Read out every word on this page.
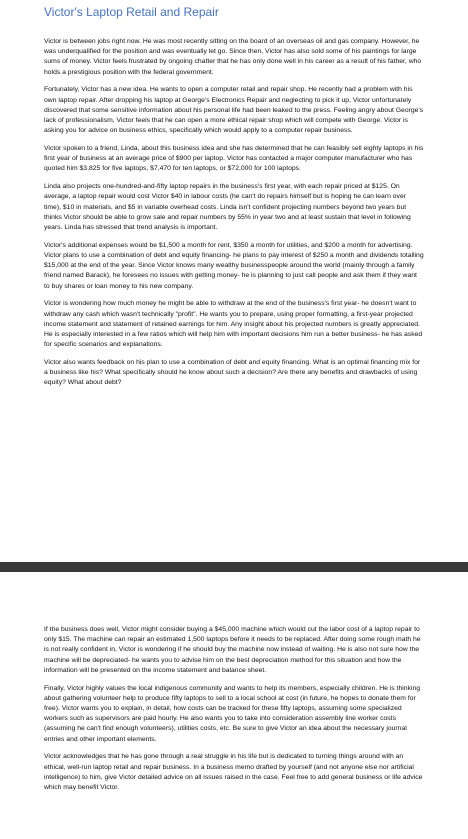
Victor's Laptop Retail and Repair

Victor is between jobs right now. He was most recently sitting on the board of an overseas oil and gas company. However, he was underqualified for the position and was eventually let go. Since then, Victor has also sold some of his paintings for large sums of money. Victor feels frustrated by ongoing chatter that he has only done well in his career as a result of his father, who holds a prestigious position with the federal government.

Fortunately, Victor has a new idea. He wants to open a computer retail and repair shop. He recently had a problem with his own laptop repair. After dropping his laptop at George's Electronics Repair and neglecting to pick it up, Victor unfortunately discovered that some sensitive information about his personal life had been leaked to the press. Feeling angry about George's lack of professionalism, Victor feels that he can open a more ethical repair shop which will compete with George. Victor is asking you for advice on business ethics, specifically which would apply to a computer repair business.

Victor spoken to a friend, Linda, about this business idea and she has determined that he can feasibly sell eighty laptops in his first year of business at an average price of $900 per laptop. Victor has contacted a major computer manufacturer who has quoted him $3,825 for five laptops, $7,470 for ten laptops, or $72,000 for 100 laptops.

Linda also projects one-hundred-and-fifty laptop repairs in the business's first year, with each repair priced at $125. On average, a laptop repair would cost Victor $40 in labour costs (he can't do repairs himself but is hoping he can learn over time), $10 in materials, and $5 in variable overhead costs. Linda isn't confident projecting numbers beyond two years but thinks Victor should be able to grow sale and repair numbers by 55% in year two and at least sustain that level in following years. Linda has stressed that trend analysis is important.

Victor's additional expenses would be $1,500 a month for rent, $350 a month for utilities, and $200 a month for advertising. Victor plans to use a combination of debt and equity financing- he plans to pay interest of $250 a month and dividends totalling $15,000 at the end of the year. Since Victor knows many wealthy businesspeople around the world (mainly through a family friend named Barack), he foresees no issues with getting money- he is planning to just call people and ask them if they want to buy shares or loan money to his new company.

Victor is wondering how much money he might be able to withdraw at the end of the business's first year- he doesn't want to withdraw any cash which wasn't technically "profit". He wants you to prepare, using proper formatting, a first-year projected income statement and statement of retained earnings for him. Any insight about his projected numbers is greatly appreciated. He is especially interested in a few ratios which will help him with important decisions him run a better business- he has asked for specific scenarios and explanations.

Victor also wants feedback on his plan to use a combination of debt and equity financing. What is an optimal financing mix for a business like his? What specifically should he know about such a decision? Are there any benefits and drawbacks of using equity? What about debt?

If the business does well, Victor might consider buying a $45,000 machine which would cut the labor cost of a laptop repair to only $15. The machine can repair an estimated 1,500 laptops before it needs to be replaced. After doing some rough math he is not really confident in, Victor is wondering if he should buy the machine now instead of waiting. He is also not sure how the machine will be depreciated- he wants you to advise him on the best depreciation method for this situation and how the information will be presented on the income statement and balance sheet.

Finally, Victor highly values the local indigenous community and wants to help its members, especially children. He is thinking about gathering volunteer help to produce fifty laptops to sell to a local school at cost (in future, he hopes to donate them for free). Victor wants you to explain, in detail, how costs can be tracked for these fifty laptops, assuming some specialized workers such as supervisors are paid hourly. He also wants you to take into consideration assembly line worker costs (assuming he can't find enough volunteers), utilities costs, etc. Be sure to give Victor an idea about the necessary journal entries and other important elements.

Victor acknowledges that he has gone through a real struggle in his life but is dedicated to turning things around with an ethical, well-run laptop retail and repair business. In a business memo drafted by yourself (and not anyone else nor artificial intelligence) to him, give Victor detailed advice on all issues raised in the case. Feel free to add general business or life advice which may benefit Victor.
